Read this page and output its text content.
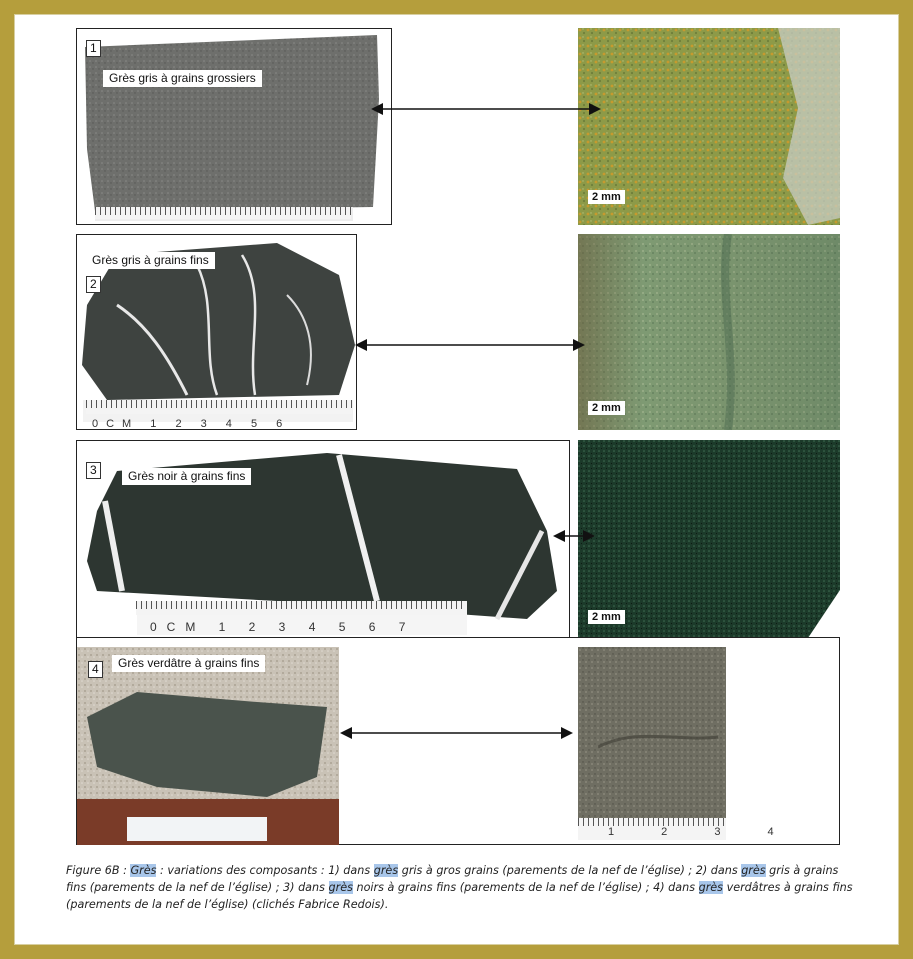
1
Grès gris à grains grossiers
2 mm
0CM 1 2 3 4 5 6
2
Grès gris à grains fins
2 mm
0CM 1 2 3 4 5 6 7
3	Grès noir à grains fins
2 mm
4	Grès verdâtre à grains fins
1 2 3 4
Figure 6B : Grès : variations des composants : 1) dans grès gris à gros grains (parements de la nef de l’église) ; 2) dans grès gris à grains fins (parements de la nef de l’église) ; 3) dans grès noirs à grains fins (parements de la nef de l’église) ; 4) dans grès verdâtres à grains fins (parements de la nef de l’église) (clichés Fabrice Redois).
